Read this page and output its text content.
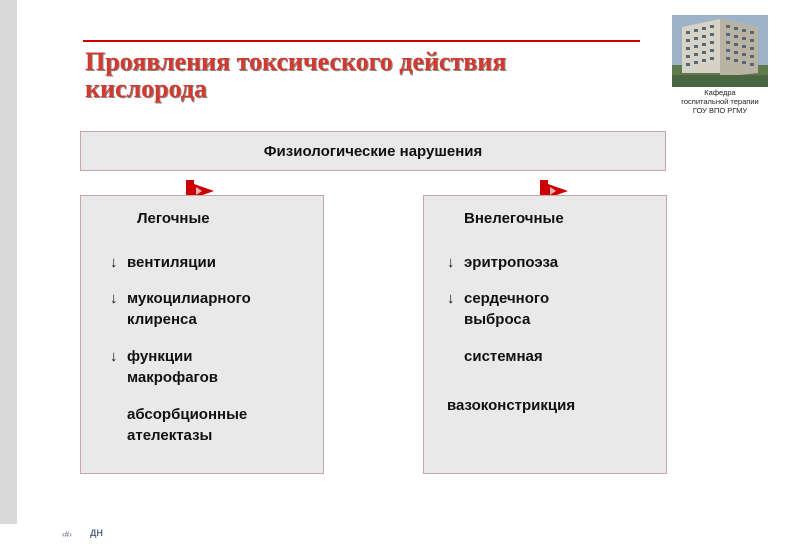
Проявления токсического действия кислорода	Кафедра
госпитальной терапии
ГОУ ВПО РГМУ
Физиологические нарушения
Легочные
↓ вентиляции
↓ мукоцилиарного клиренса
↓ функции макрофагов
абсорбционные ателектазы
Внелегочные
↓ эритропоэза
↓ сердечного выброса
системная
вазоконстрикция
‹#› ДН
